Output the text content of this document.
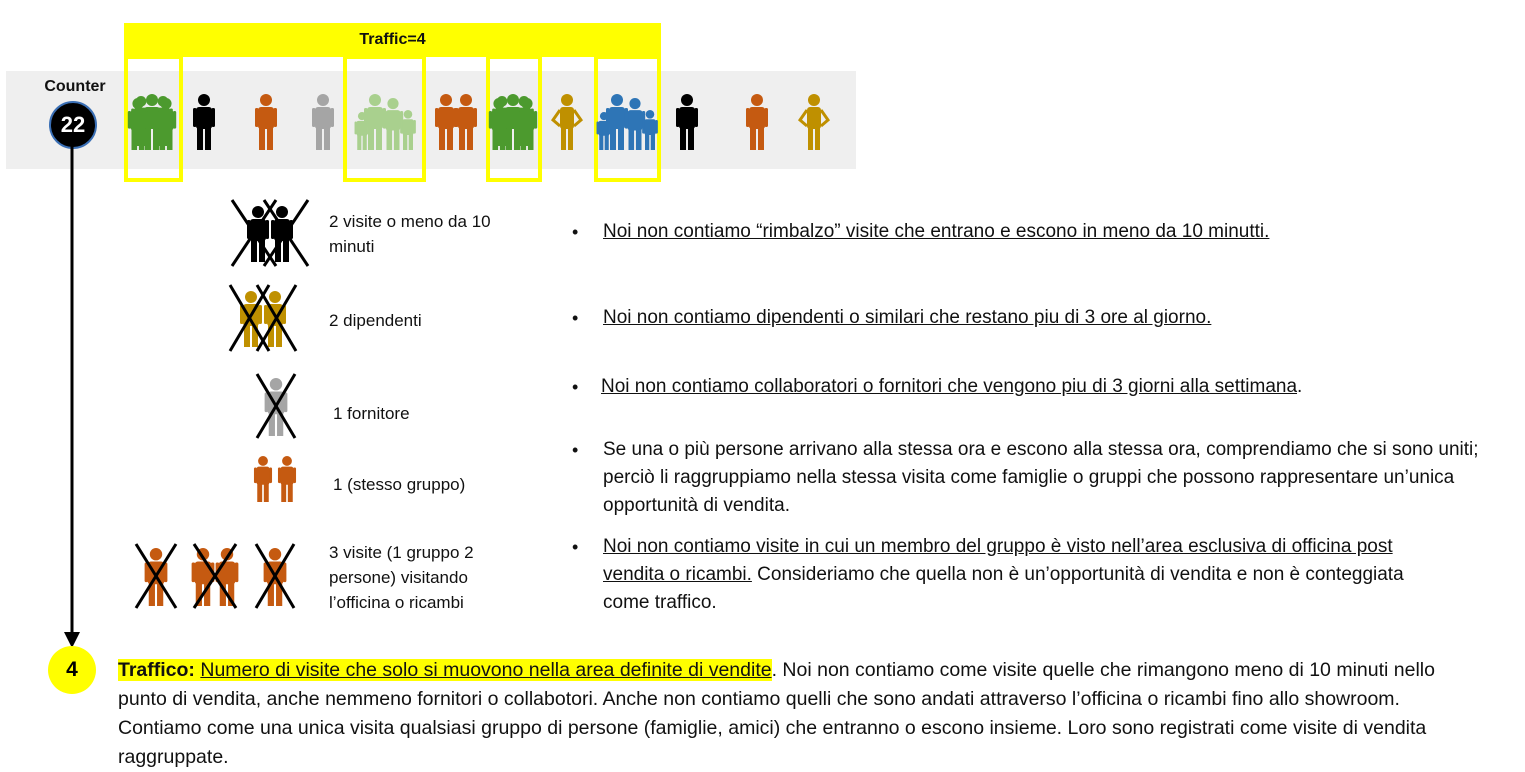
Traffic=4
Counter
22
2 visite o meno da 10 minuti
2 dipendenti
1 fornitore
1 (stesso gruppo)
3 visite (1 gruppo 2 persone) visitando l’officina o ricambi
• Noi non contiamo “rimbalzo” visite che entrano e escono in meno da 10 minutti.
• Noi non contiamo dipendenti o similari che restano piu di 3 ore al giorno.
• Noi non contiamo collaboratori o fornitori che vengono piu di 3 giorni alla settimana.
• Se una o più persone arrivano alla stessa ora e escono alla stessa ora, comprendiamo che si sono uniti; perciò li raggruppiamo nella stessa visita come famiglie o gruppi che possono rappresentare un’unica opportunità di vendita.
• Noi non contiamo visite in cui un membro del gruppo è visto nell’area esclusiva di officina post vendita o ricambi. Consideriamo che quella non è un’opportunità di vendita e non è conteggiata come traffico.
4	Traffico: Numero di visite che solo si muovono nella area definite di vendite. Noi non contiamo come visite quelle che rimangono meno di 10 minuti nello punto di vendita, anche nemmeno fornitori o collabotori. Anche non contiamo quelli che sono andati attraverso l’officina o ricambi fino allo showroom. Contiamo come una unica visita qualsiasi gruppo di persone (famiglie, amici) che entranno o escono insieme. Loro sono registrati come visite di vendita raggruppate.
